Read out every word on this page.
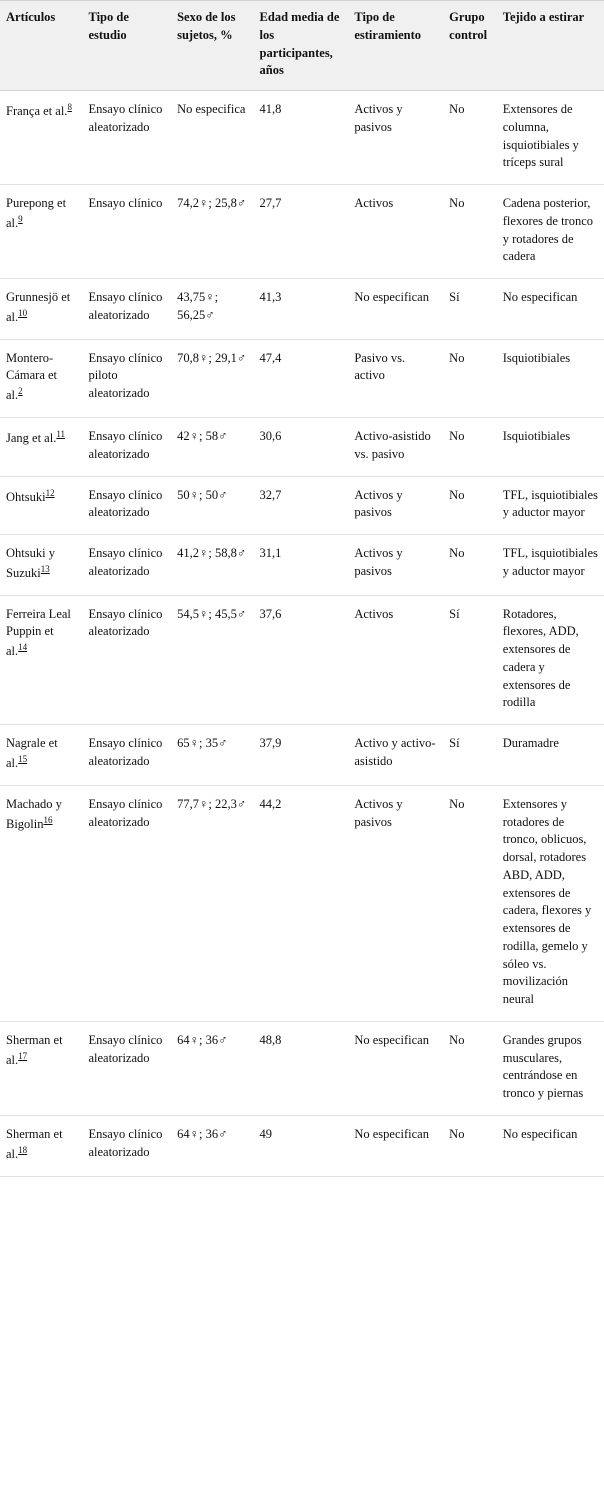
Artículos	Tipo de estudio	Sexo de los sujetos, %	Edad media de los participantes, años	Tipo de estiramiento	Grupo control	Tejido a estirar
França et al.$^8$	Ensayo clínico aleatorizado	No especifica	41,8	Activos y pasivos	No	Extensores de columna, isquiotibiales y tríceps sural
Purepong et al.$^9$	Ensayo clínico	74,2♀; 25,8♂	27,7	Activos	No	Cadena posterior, flexores de tronco y rotadores de cadera
Grunnesjö et al.$^{10}$	Ensayo clínico aleatorizado	43,75♀; 56,25♂	41,3	No especifican	Sí	No especifican
Montero-Cámara et al.$^2$	Ensayo clínico piloto aleatorizado	70,8♀; 29,1♂	47,4	Pasivo vs. activo	No	Isquiotibiales
Jang et al.$^{11}$	Ensayo clínico aleatorizado	42♀; 58♂	30,6	Activo-asistido vs. pasivo	No	Isquiotibiales
Ohtsuki$^{12}$	Ensayo clínico aleatorizado	50♀; 50♂	32,7	Activos y pasivos	No	TFL, isquiotibiales y aductor mayor
Ohtsuki y Suzuki$^{13}$	Ensayo clínico aleatorizado	41,2♀; 58,8♂	31,1	Activos y pasivos	No	TFL, isquiotibiales y aductor mayor
Ferreira Leal Puppin et al.$^{14}$	Ensayo clínico aleatorizado	54,5♀; 45,5♂	37,6	Activos	Sí	Rotadores, flexores, ADD, extensores de cadera y extensores de rodilla
Nagrale et al.$^{15}$	Ensayo clínico aleatorizado	65♀; 35♂	37,9	Activo y activo-asistido	Sí	Duramadre
Machado y Bigolin$^{16}$	Ensayo clínico aleatorizado	77,7♀; 22,3♂	44,2	Activos y pasivos	No	Extensores y rotadores de tronco, oblicuos, dorsal, rotadores ABD, ADD, extensores de cadera, flexores y extensores de rodilla, gemelo y sóleo vs. movilización neural
Sherman et al.$^{17}$	Ensayo clínico aleatorizado	64♀; 36♂	48,8	No especifican	No	Grandes grupos musculares, centrándose en tronco y piernas
Sherman et al.$^{18}$	Ensayo clínico aleatorizado	64♀; 36♂	49	No especifican	No	No especifican
